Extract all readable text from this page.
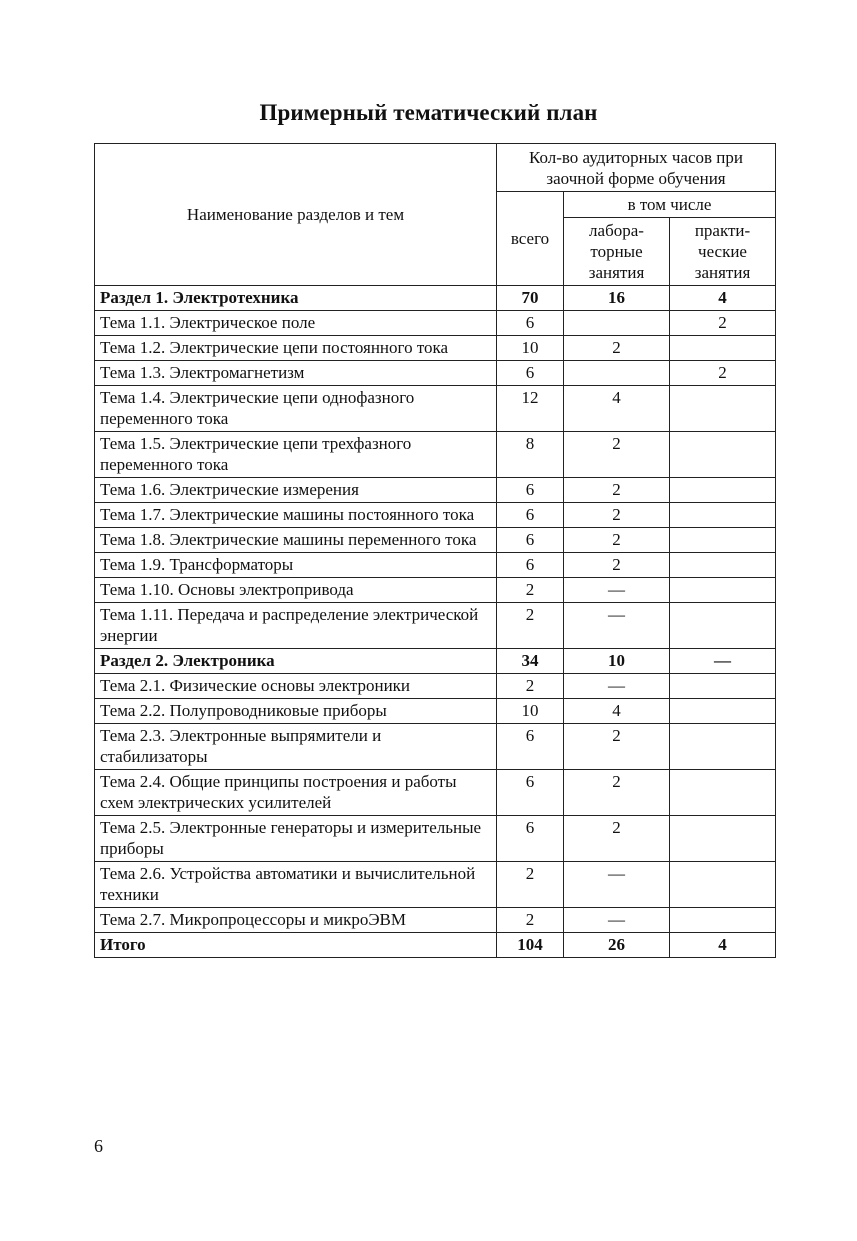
Примерный тематический план
Наименование разделов и тем	Кол-во аудиторных часов при заочной форме обучения		
	всего	в том числе	
		лабора- торные занятия	практи- ческие занятия
Раздел 1. Электротехника	70	16	4
Тема 1.1. Электрическое поле	6		2
Тема 1.2. Электрические цепи постоянного тока	10	2	
Тема 1.3. Электромагнетизм	6		2
Тема 1.4. Электрические цепи однофазного переменного тока	12	4	
Тема 1.5. Электрические цепи трехфазного переменного тока	8	2	
Тема 1.6. Электрические измерения	6	2	
Тема 1.7. Электрические машины постоянного тока	6	2	
Тема 1.8. Электрические машины переменного тока	6	2	
Тема 1.9. Трансформаторы	6	2	
Тема 1.10. Основы электропривода	2	—	
Тема 1.11. Передача и распределение электрической энергии	2	—	
Раздел 2. Электроника	34	10	—
Тема 2.1. Физические основы электроники	2	—	
Тема 2.2. Полупроводниковые приборы	10	4	
Тема 2.3. Электронные выпрямители и стабилизаторы	6	2	
Тема 2.4. Общие принципы построения и работы схем электрических усилителей	6	2	
Тема 2.5. Электронные генераторы и измерительные приборы	6	2	
Тема 2.6. Устройства автоматики и вычислительной техники	2	—	
Тема 2.7. Микропроцессоры и микроЭВМ	2	—	
Итого	104	26	4
6
